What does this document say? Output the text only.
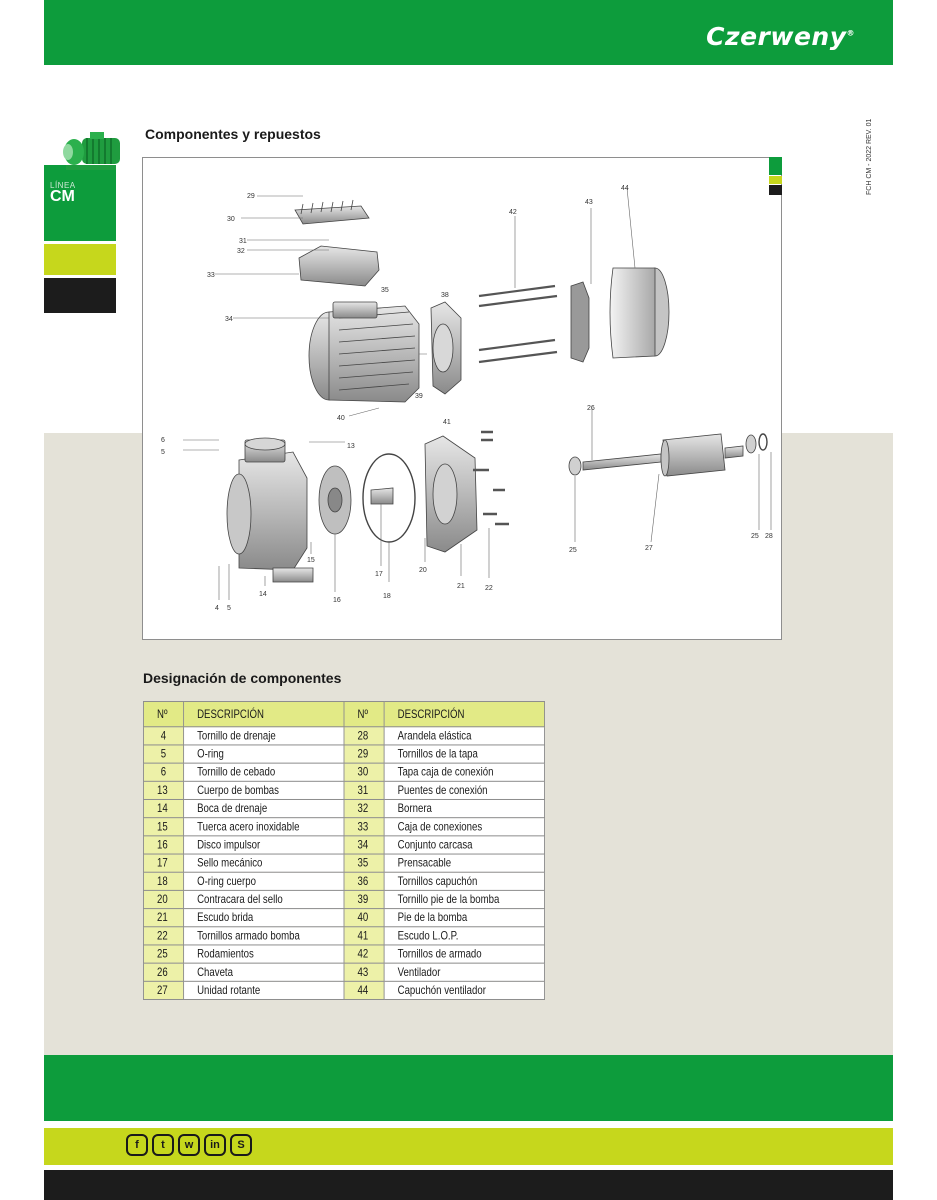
Czerweny®
LÍNEA
CM
FCH CM - 2022 REV. 01
Componentes y repuestos
Designación de componentes
29
30
31
32
33
34
35
38
39
40
41
42
43
44
6
5
13
4 5
14
15
16
17
18
20
21	22
26
27
25
25 28
Nº	DESCRIPCIÓN	Nº	DESCRIPCIÓN
4	Tornillo de drenaje	28	Arandela elástica
5	O-ring	29	Tornillos de la tapa
6	Tornillo de cebado	30	Tapa caja de conexión
13	Cuerpo de bombas	31	Puentes de conexión
14	Boca de drenaje	32	Bornera
15	Tuerca acero inoxidable	33	Caja de conexiones
16	Disco impulsor	34	Conjunto carcasa
17	Sello mecánico	35	Prensacable
18	O-ring cuerpo	36	Tornillos capuchón
20	Contracara del sello	39	Tornillo pie de la bomba
21	Escudo brida	40	Pie de la bomba
22	Tornillos armado bomba	41	Escudo L.O.P.
25	Rodamientos	42	Tornillos de armado
26	Chaveta	43	Ventilador
27	Unidad rotante	44	Capuchón ventilador
f t w in S
